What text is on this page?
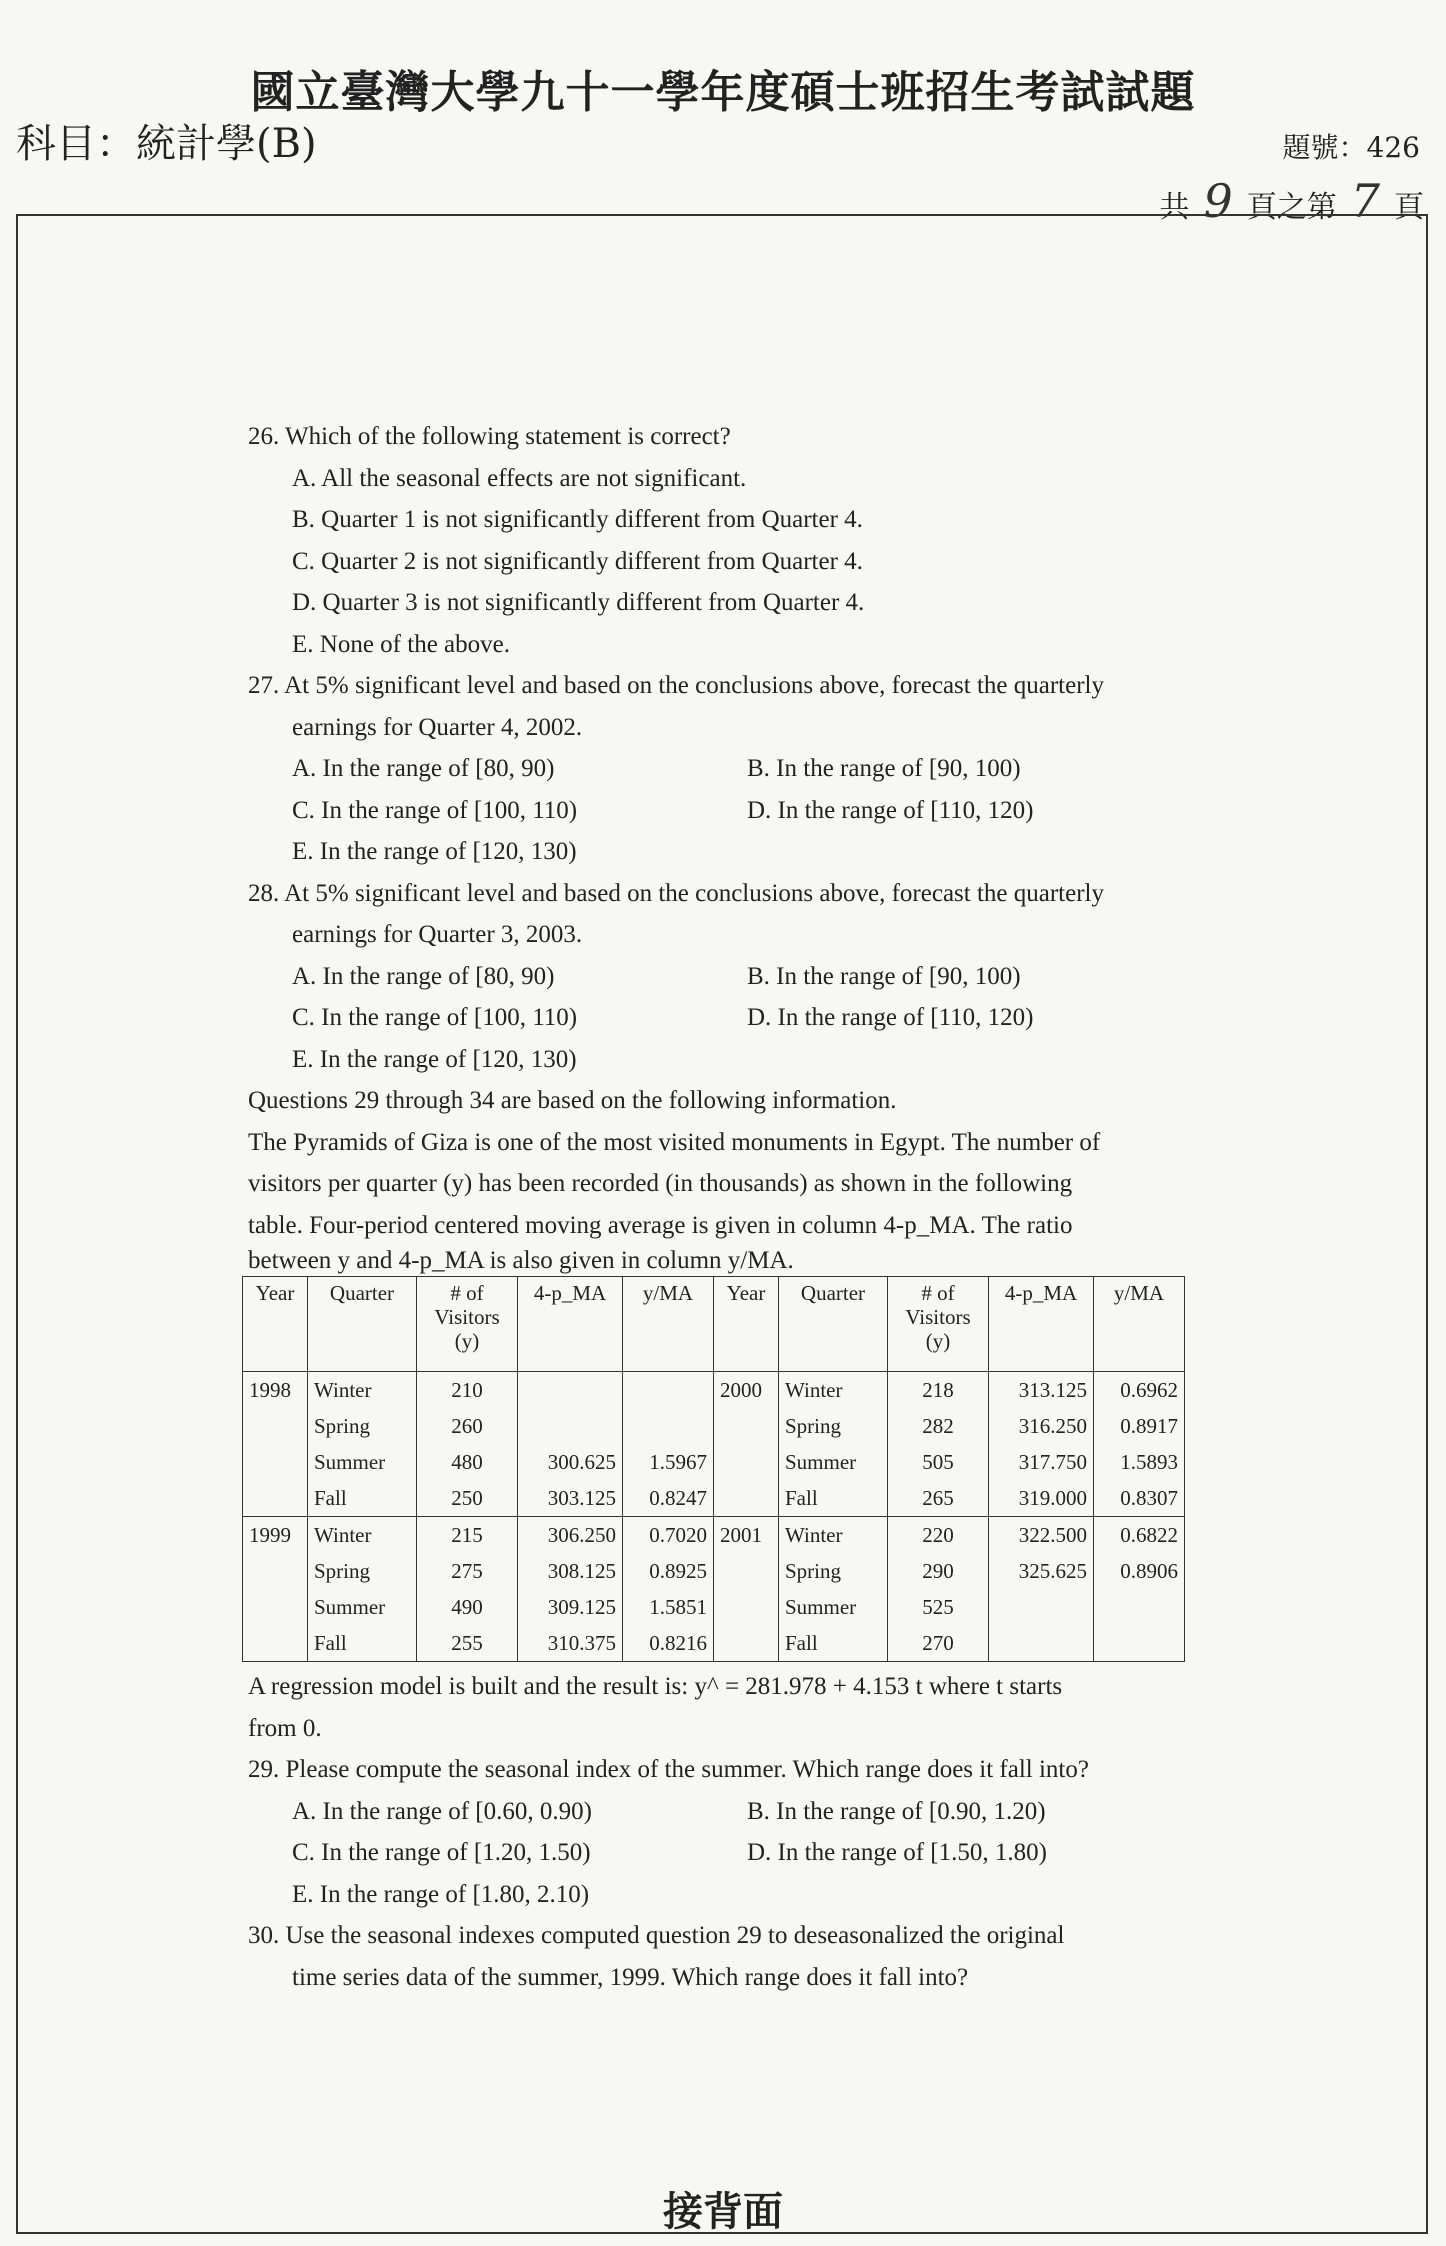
國立臺灣大學九十一學年度碩士班招生考試試題
科目：統計學(B)	題號：426
共 9 頁之第 7 頁
26. Which of the following statement is correct?
A. All the seasonal effects are not significant.
B. Quarter 1 is not significantly different from Quarter 4.
C. Quarter 2 is not significantly different from Quarter 4.
D. Quarter 3 is not significantly different from Quarter 4.
E. None of the above.
27. At 5% significant level and based on the conclusions above, forecast the quarterly
earnings for Quarter 4, 2002.
A. In the range of [80, 90)	B. In the range of [90, 100)
C. In the range of [100, 110)	D. In the range of [110, 120)
E. In the range of [120, 130)
28. At 5% significant level and based on the conclusions above, forecast the quarterly
earnings for Quarter 3, 2003.
A. In the range of [80, 90)	B. In the range of [90, 100)
C. In the range of [100, 110)	D. In the range of [110, 120)
E. In the range of [120, 130)
Questions 29 through 34 are based on the following information.
The Pyramids of Giza is one of the most visited monuments in Egypt. The number of
visitors per quarter (y) has been recorded (in thousands) as shown in the following
table. Four-period centered moving average is given in column 4-p_MA. The ratio
between y and 4-p_MA is also given in column y/MA.
Year	Quarter	# of Visitors (y)	4-p_MA	y/MA	Year	Quarter	# of Visitors (y)	4-p_MA	y/MA
1998	Winter	210			2000	Winter	218	313.125	0.6962
	Spring	260				Spring	282	316.250	0.8917
	Summer	480	300.625	1.5967		Summer	505	317.750	1.5893
	Fall	250	303.125	0.8247		Fall	265	319.000	0.8307
1999	Winter	215	306.250	0.7020	2001	Winter	220	322.500	0.6822
	Spring	275	308.125	0.8925		Spring	290	325.625	0.8906
	Summer	490	309.125	1.5851		Summer	525		
	Fall	255	310.375	0.8216		Fall	270		
A regression model is built and the result is: y^ = 281.978 + 4.153 t where t starts
from 0.
29. Please compute the seasonal index of the summer. Which range does it fall into?
A. In the range of [0.60, 0.90)	B. In the range of [0.90, 1.20)
C. In the range of [1.20, 1.50)	D. In the range of [1.50, 1.80)
E. In the range of [1.80, 2.10)
30. Use the seasonal indexes computed question 29 to deseasonalized the original
time series data of the summer, 1999. Which range does it fall into?
接背面
